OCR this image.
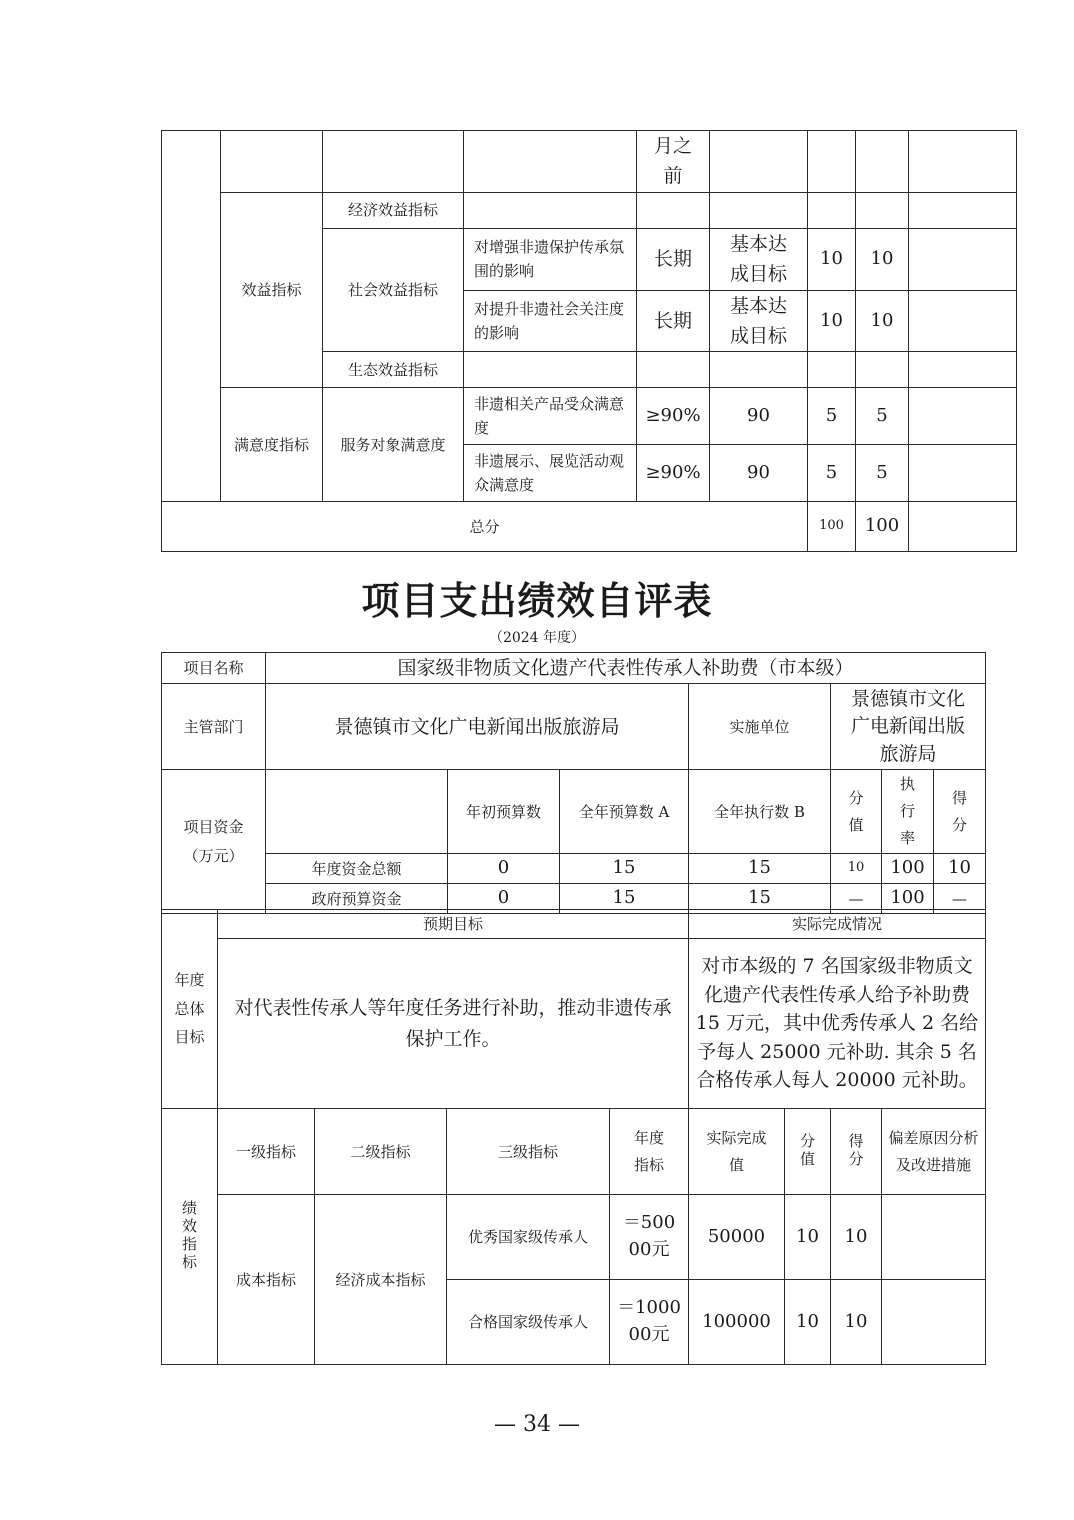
				月之前				
	效益指标	经济效益指标						
		社会效益指标	对增强非遗保护传承氛围的影响	长期	基本达成目标	10	10	
			对提升非遗社会关注度的影响	长期	基本达成目标	10	10	
		生态效益指标						
	满意度指标	服务对象满意度	非遗相关产品受众满意度	≥90%	90	5	5	
			非遗展示、展览活动观众满意度	≥90%	90	5	5	
总分						100	100	
项目支出绩效自评表
（2024 年度）
项目名称	国家级非物质文化遗产代表性传承人补助费（市本级）						
主管部门	景德镇市文化广电新闻出版旅游局			实施单位	景德镇市文化广电新闻出版旅游局		
项目资金（万元）		年初预算数	全年预算数 A	全年执行数 B	分值	执行率	得分
	年度资金总额	0	15	15	10	100	10
	政府预算资金	0	15	15	—	100	—
年度总体目标	预期目标	实际完成情况
	对代表性传承人等年度任务进行补助，推动非遗传承保护工作。	对市本级的 7 名国家级非物质文化遗产代表性传承人给予补助费 15 万元，其中优秀传承人 2 名给予每人 25000 元补助. 其余 5 名合格传承人每人 20000 元补助。
绩效指标	一级指标	二级指标	三级指标	年度指标	实际完成值	分值	得分	偏差原因分析及改进措施
	成本指标	经济成本指标	优秀国家级传承人	＝50000元	50000	10	10	
			合格国家级传承人	＝100000元	100000	10	10	
— 34 —
